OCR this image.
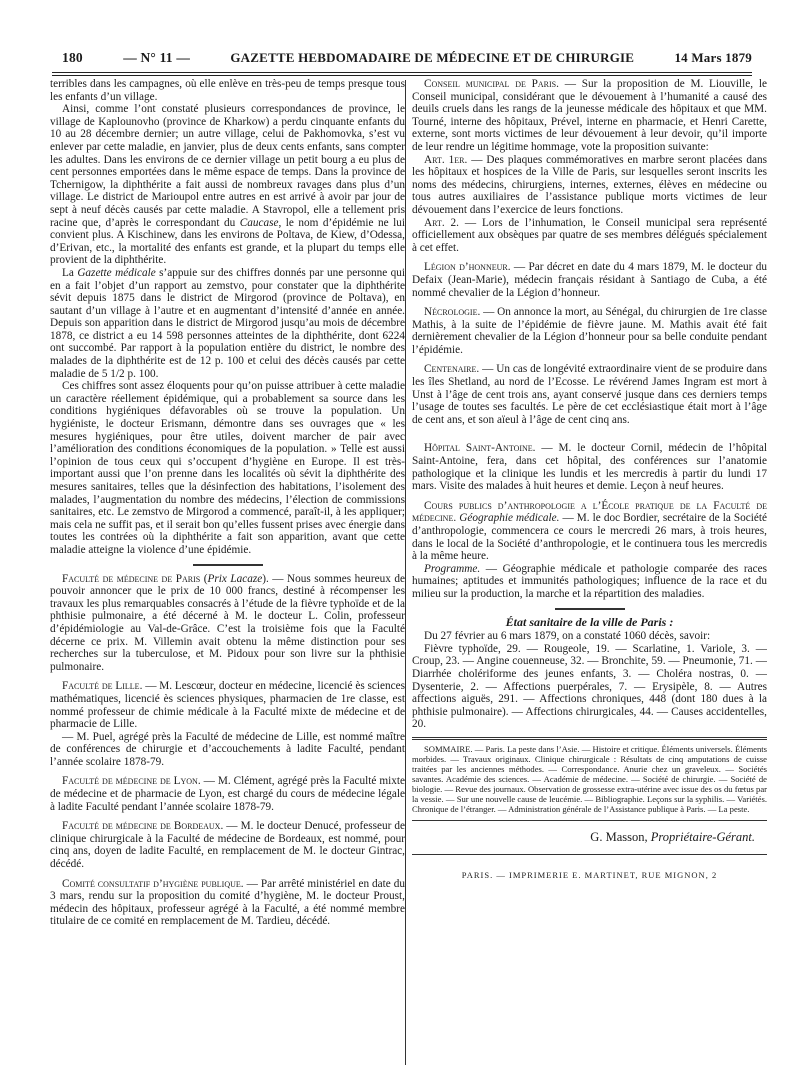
180	— N° 11 —	GAZETTE HEBDOMADAIRE DE MÉDECINE ET DE CHIRURGIE	14 Mars 1879

terribles dans les campagnes, où elle enlève en très-peu de temps presque tous les enfants d’un village.

Ainsi, comme l’ont constaté plusieurs correspondances de province, le village de Kaplounovho (province de Kharkow) a perdu cinquante enfants du 10 au 28 décembre dernier; un autre village, celui de Pakhomovka, s’est vu enlever par cette maladie, en janvier, plus de deux cents enfants, sans compter les adultes. Dans les environs de ce dernier village un petit bourg a eu plus de cent personnes emportées dans le même espace de temps. Dans la province de Tchernigow, la diphthérite a fait aussi de nombreux ravages dans plus d’un village. Le district de Marioupol entre autres en est arrivé à avoir par jour de sept à neuf décès causés par cette maladie. A Stavropol, elle a tellement pris racine que, d’après le correspondant du Caucase, le nom d’épidémie ne lui convient plus. A Kischinew, dans les environs de Poltava, de Kiew, d’Odessa, d’Erivan, etc., la mortalité des enfants est grande, et la plupart du temps elle provient de la diphthérite.

La Gazette médicale s’appuie sur des chiffres donnés par une personne qui en a fait l’objet d’un rapport au zemstvo, pour constater que la diphthérite sévit depuis 1875 dans le district de Mirgorod (province de Poltava), en sautant d’un village à l’autre et en augmentant d’intensité d’année en année. Depuis son apparition dans le district de Mirgorod jusqu’au mois de décembre 1878, ce district a eu 14 598 personnes atteintes de la diphthérite, dont 6224 ont succombé. Par rapport à la population entière du district, le nombre des malades de la diphthérite est de 12 p. 100 et celui des décès causés par cette maladie de 5 1/2 p. 100.

Ces chiffres sont assez éloquents pour qu’on puisse attribuer à cette maladie un caractère réellement épidémique, qui a probablement sa source dans les conditions hygiéniques défavorables où se trouve la population. Un hygiéniste, le docteur Erismann, démontre dans ses ouvrages que « les mesures hygiéniques, pour être utiles, doivent marcher de pair avec l’amélioration des conditions économiques de la population. » Telle est aussi l’opinion de tous ceux qui s’occupent d’hygiène en Europe. Il est très-important aussi que l’on prenne dans les localités où sévit la diphthérite des mesures sanitaires, telles que la désinfection des habitations, l’isolement des malades, l’augmentation du nombre des médecins, l’élection de commissions sanitaires, etc. Le zemstvo de Mirgorod a commencé, paraît-il, à les appliquer; mais cela ne suffit pas, et il serait bon qu’elles fussent prises avec énergie dans toutes les contrées où la diphthérite a fait son apparition, avant que cette maladie atteigne la violence d’une épidémie.

Faculté de médecine de Paris (Prix Lacaze). — Nous sommes heureux de pouvoir annoncer que le prix de 10 000 francs, destiné à récompenser les travaux les plus remarquables consacrés à l’étude de la fièvre typhoïde et de la phthisie pulmonaire, a été décerné à M. le docteur L. Colin, professeur d’épidémiologie au Val-de-Grâce. C’est la troisième fois que la Faculté décerne ce prix. M. Villemin avait obtenu la même distinction pour ses recherches sur la tuberculose, et M. Pidoux pour son livre sur la phthisie pulmonaire.

Faculté de Lille. — M. Lescœur, docteur en médecine, licencié ès sciences mathématiques, licencié ès sciences physiques, pharmacien de 1re classe, est nommé professeur de chimie médicale à la Faculté mixte de médecine et de pharmacie de Lille.

— M. Puel, agrégé près la Faculté de médecine de Lille, est nommé maître de conférences de chirurgie et d’accouchements à ladite Faculté, pendant l’année scolaire 1878-79.

Faculté de médecine de Lyon. — M. Clément, agrégé près la Faculté mixte de médecine et de pharmacie de Lyon, est chargé du cours de médecine légale à ladite Faculté pendant l’année scolaire 1878-79.

Faculté de médecine de Bordeaux. — M. le docteur Denucé, professeur de clinique chirurgicale à la Faculté de médecine de Bordeaux, est nommé, pour cinq ans, doyen de ladite Faculté, en remplacement de M. le docteur Gintrac, décédé.

Comité consultatif d’hygiène publique. — Par arrêté ministériel en date du 3 mars, rendu sur la proposition du comité d’hygiène, M. le docteur Proust, médecin des hôpitaux, professeur agrégé à la Faculté, a été nommé membre titulaire de ce comité en remplacement de M. Tardieu, décédé.

Conseil municipal de Paris. — Sur la proposition de M. Liouville, le Conseil municipal, considérant que le dévouement à l’humanité a causé des deuils cruels dans les rangs de la jeunesse médicale des hôpitaux et que MM. Tourné, interne des hôpitaux, Prével, interne en pharmacie, et Henri Carette, externe, sont morts victimes de leur dévouement à leur devoir, qu’il importe de leur rendre un légitime hommage, vote la proposition suivante:

Art. 1er. — Des plaques commémoratives en marbre seront placées dans les hôpitaux et hospices de la Ville de Paris, sur lesquelles seront inscrits les noms des médecins, chirurgiens, internes, externes, élèves en médecine ou tous autres auxiliaires de l’assistance publique morts victimes de leur dévouement dans l’exercice de leurs fonctions.

Art. 2. — Lors de l’inhumation, le Conseil municipal sera représenté officiellement aux obsèques par quatre de ses membres délégués spécialement à cet effet.

Légion d’honneur. — Par décret en date du 4 mars 1879, M. le docteur du Defaix (Jean-Marie), médecin français résidant à Santiago de Cuba, a été nommé chevalier de la Légion d’honneur.

Nécrologie. — On annonce la mort, au Sénégal, du chirurgien de 1re classe Mathis, à la suite de l’épidémie de fièvre jaune. M. Mathis avait été fait dernièrement chevalier de la Légion d’honneur pour sa belle conduite pendant l’épidémie.

Centenaire. — Un cas de longévité extraordinaire vient de se produire dans les îles Shetland, au nord de l’Ecosse. Le révérend James Ingram est mort à Unst à l’âge de cent trois ans, ayant conservé jusque dans ces derniers temps l’usage de toutes ses facultés. Le père de cet ecclésiastique était mort à l’âge de cent ans, et son aïeul à l’âge de cent cinq ans.

Hôpital Saint-Antoine. — M. le docteur Cornil, médecin de l’hôpital Saint-Antoine, fera, dans cet hôpital, des conférences sur l’anatomie pathologique et la clinique les lundis et les mercredis à partir du lundi 17 mars. Visite des malades à huit heures et demie. Leçon à neuf heures.

Cours publics d’anthropologie a l’École pratique de la Faculté de médecine. Géographie médicale. — M. le doc Bordier, secrétaire de la Société d’anthropologie, commencera ce cours le mercredi 26 mars, à trois heures, dans le local de la Société d’anthropologie, et le continuera tous les mercredis à la même heure.

Programme. — Géographie médicale et pathologie comparée des races humaines; aptitudes et immunités pathologiques; influence de la race et du milieu sur la production, la marche et la répartition des maladies.

État sanitaire de la ville de Paris :

Du 27 février au 6 mars 1879, on a constaté 1060 décès, savoir:

Fièvre typhoïde, 29. — Rougeole, 19. — Scarlatine, 1. Variole, 3. — Croup, 23. — Angine couenneuse, 32. — Bronchite, 59. — Pneumonie, 71. — Diarrhée cholériforme des jeunes enfants, 3. — Choléra nostras, 0. — Dysenterie, 2. — Affections puerpérales, 7. — Erysipèle, 8. — Autres affections aiguës, 291. — Affections chroniques, 448 (dont 180 dues à la phthisie pulmonaire). — Affections chirurgicales, 44. — Causes accidentelles, 20.

SOMMAIRE. — Paris. La peste dans l’Asie. — Histoire et critique. Éléments universels. Éléments morbides. — Travaux originaux. Clinique chirurgicale : Résultats de cinq amputations de cuisse traitées par les anciennes méthodes. — Correspondance. Anurie chez un graveleux. — Sociétés savantes. Académie des sciences. — Académie de médecine. — Société de chirurgie. — Société de biologie. — Revue des journaux. Observation de grossesse extra-utérine avec issue des os du fœtus par la vessie. — Sur une nouvelle cause de leucémie. — Bibliographie. Leçons sur la syphilis. — Variétés. Chronique de l’étranger. — Administration générale de l’Assistance publique à Paris. — La peste.

G. Masson, Propriétaire-Gérant.
PARIS. — IMPRIMERIE E. MARTINET, RUE MIGNON, 2
